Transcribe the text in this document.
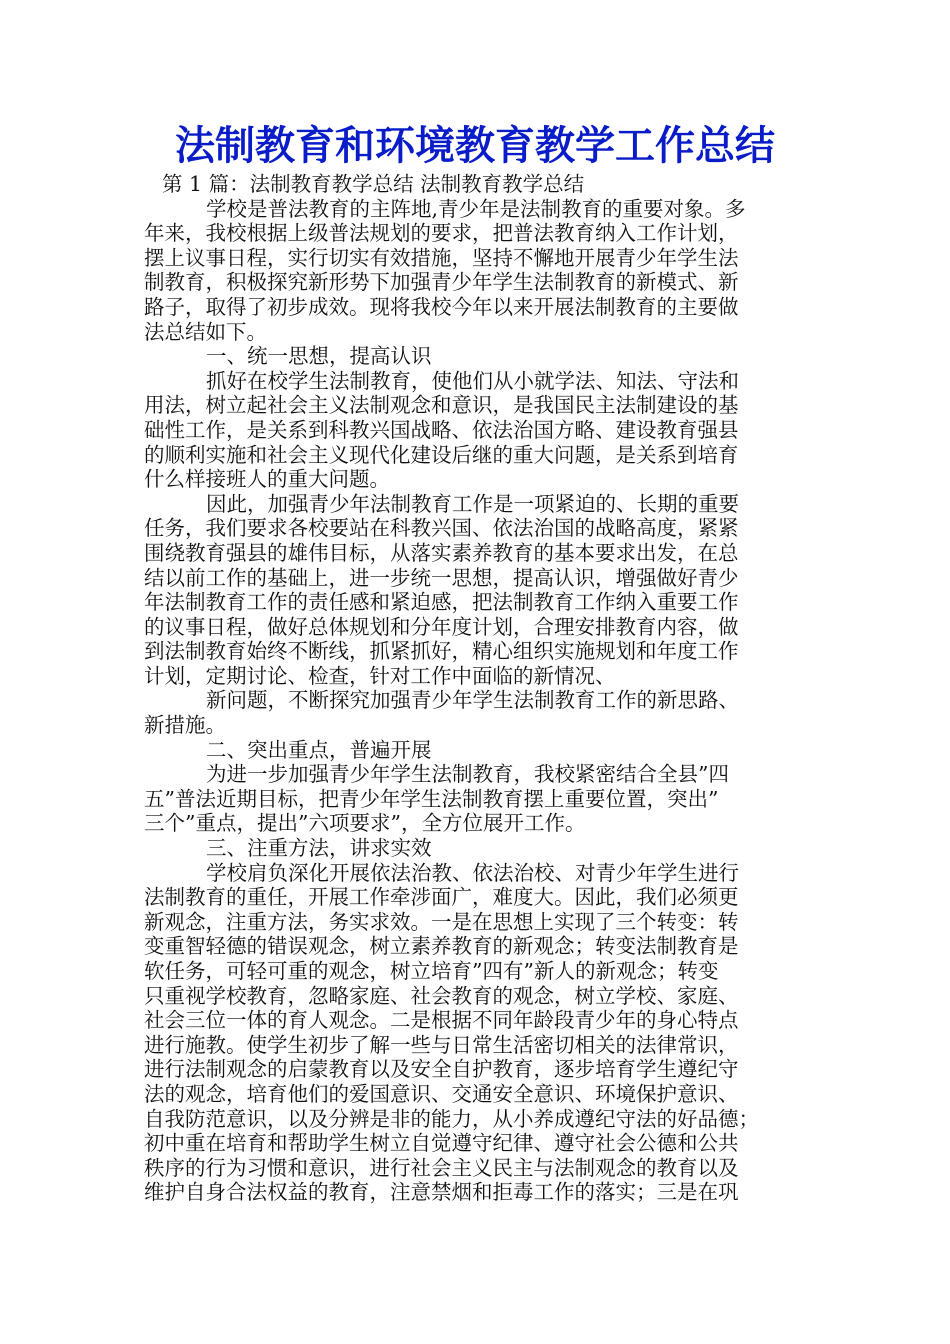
法制教育和环境教育教学工作总结
第 1 篇：法制教育教学总结 法制教育教学总结
学校是普法教育的主阵地,青少年是法制教育的重要对象。多
年来，我校根据上级普法规划的要求，把普法教育纳入工作计划，
摆上议事日程，实行切实有效措施，坚持不懈地开展青少年学生法
制教育，积极探究新形势下加强青少年学生法制教育的新模式、新
路子，取得了初步成效。现将我校今年以来开展法制教育的主要做
法总结如下。
一、统一思想，提高认识
抓好在校学生法制教育，使他们从小就学法、知法、守法和
用法，树立起社会主义法制观念和意识，是我国民主法制建设的基
础性工作，是关系到科教兴国战略、依法治国方略、建设教育强县
的顺利实施和社会主义现代化建设后继的重大问题，是关系到培育
什么样接班人的重大问题。
因此，加强青少年法制教育工作是一项紧迫的、长期的重要
任务，我们要求各校要站在科教兴国、依法治国的战略高度，紧紧
围绕教育强县的雄伟目标，从落实素养教育的基本要求出发，在总
结以前工作的基础上，进一步统一思想，提高认识，增强做好青少
年法制教育工作的责任感和紧迫感，把法制教育工作纳入重要工作
的议事日程，做好总体规划和分年度计划，合理安排教育内容，做
到法制教育始终不断线，抓紧抓好，精心组织实施规划和年度工作
计划，定期讨论、检查，针对工作中面临的新情况、
新问题，不断探究加强青少年学生法制教育工作的新思路、
新措施。
二、突出重点，普遍开展
为进一步加强青少年学生法制教育，我校紧密结合全县”四
五”普法近期目标，把青少年学生法制教育摆上重要位置，突出”
三个”重点，提出”六项要求”，全方位展开工作。
三、注重方法，讲求实效
学校肩负深化开展依法治教、依法治校、对青少年学生进行
法制教育的重任，开展工作牵涉面广，难度大。因此，我们必须更
新观念，注重方法，务实求效。一是在思想上实现了三个转变：转
变重智轻德的错误观念，树立素养教育的新观念；转变法制教育是
软任务，可轻可重的观念，树立培育”四有”新人的新观念；转变
只重视学校教育，忽略家庭、社会教育的观念，树立学校、家庭、
社会三位一体的育人观念。二是根据不同年龄段青少年的身心特点
进行施教。使学生初步了解一些与日常生活密切相关的法律常识，
进行法制观念的启蒙教育以及安全自护教育，逐步培育学生遵纪守
法的观念，培育他们的爱国意识、交通安全意识、环境保护意识、
自我防范意识，以及分辨是非的能力，从小养成遵纪守法的好品德；
初中重在培育和帮助学生树立自觉遵守纪律、遵守社会公德和公共
秩序的行为习惯和意识，进行社会主义民主与法制观念的教育以及
维护自身合法权益的教育，注意禁烟和拒毒工作的落实；三是在巩
